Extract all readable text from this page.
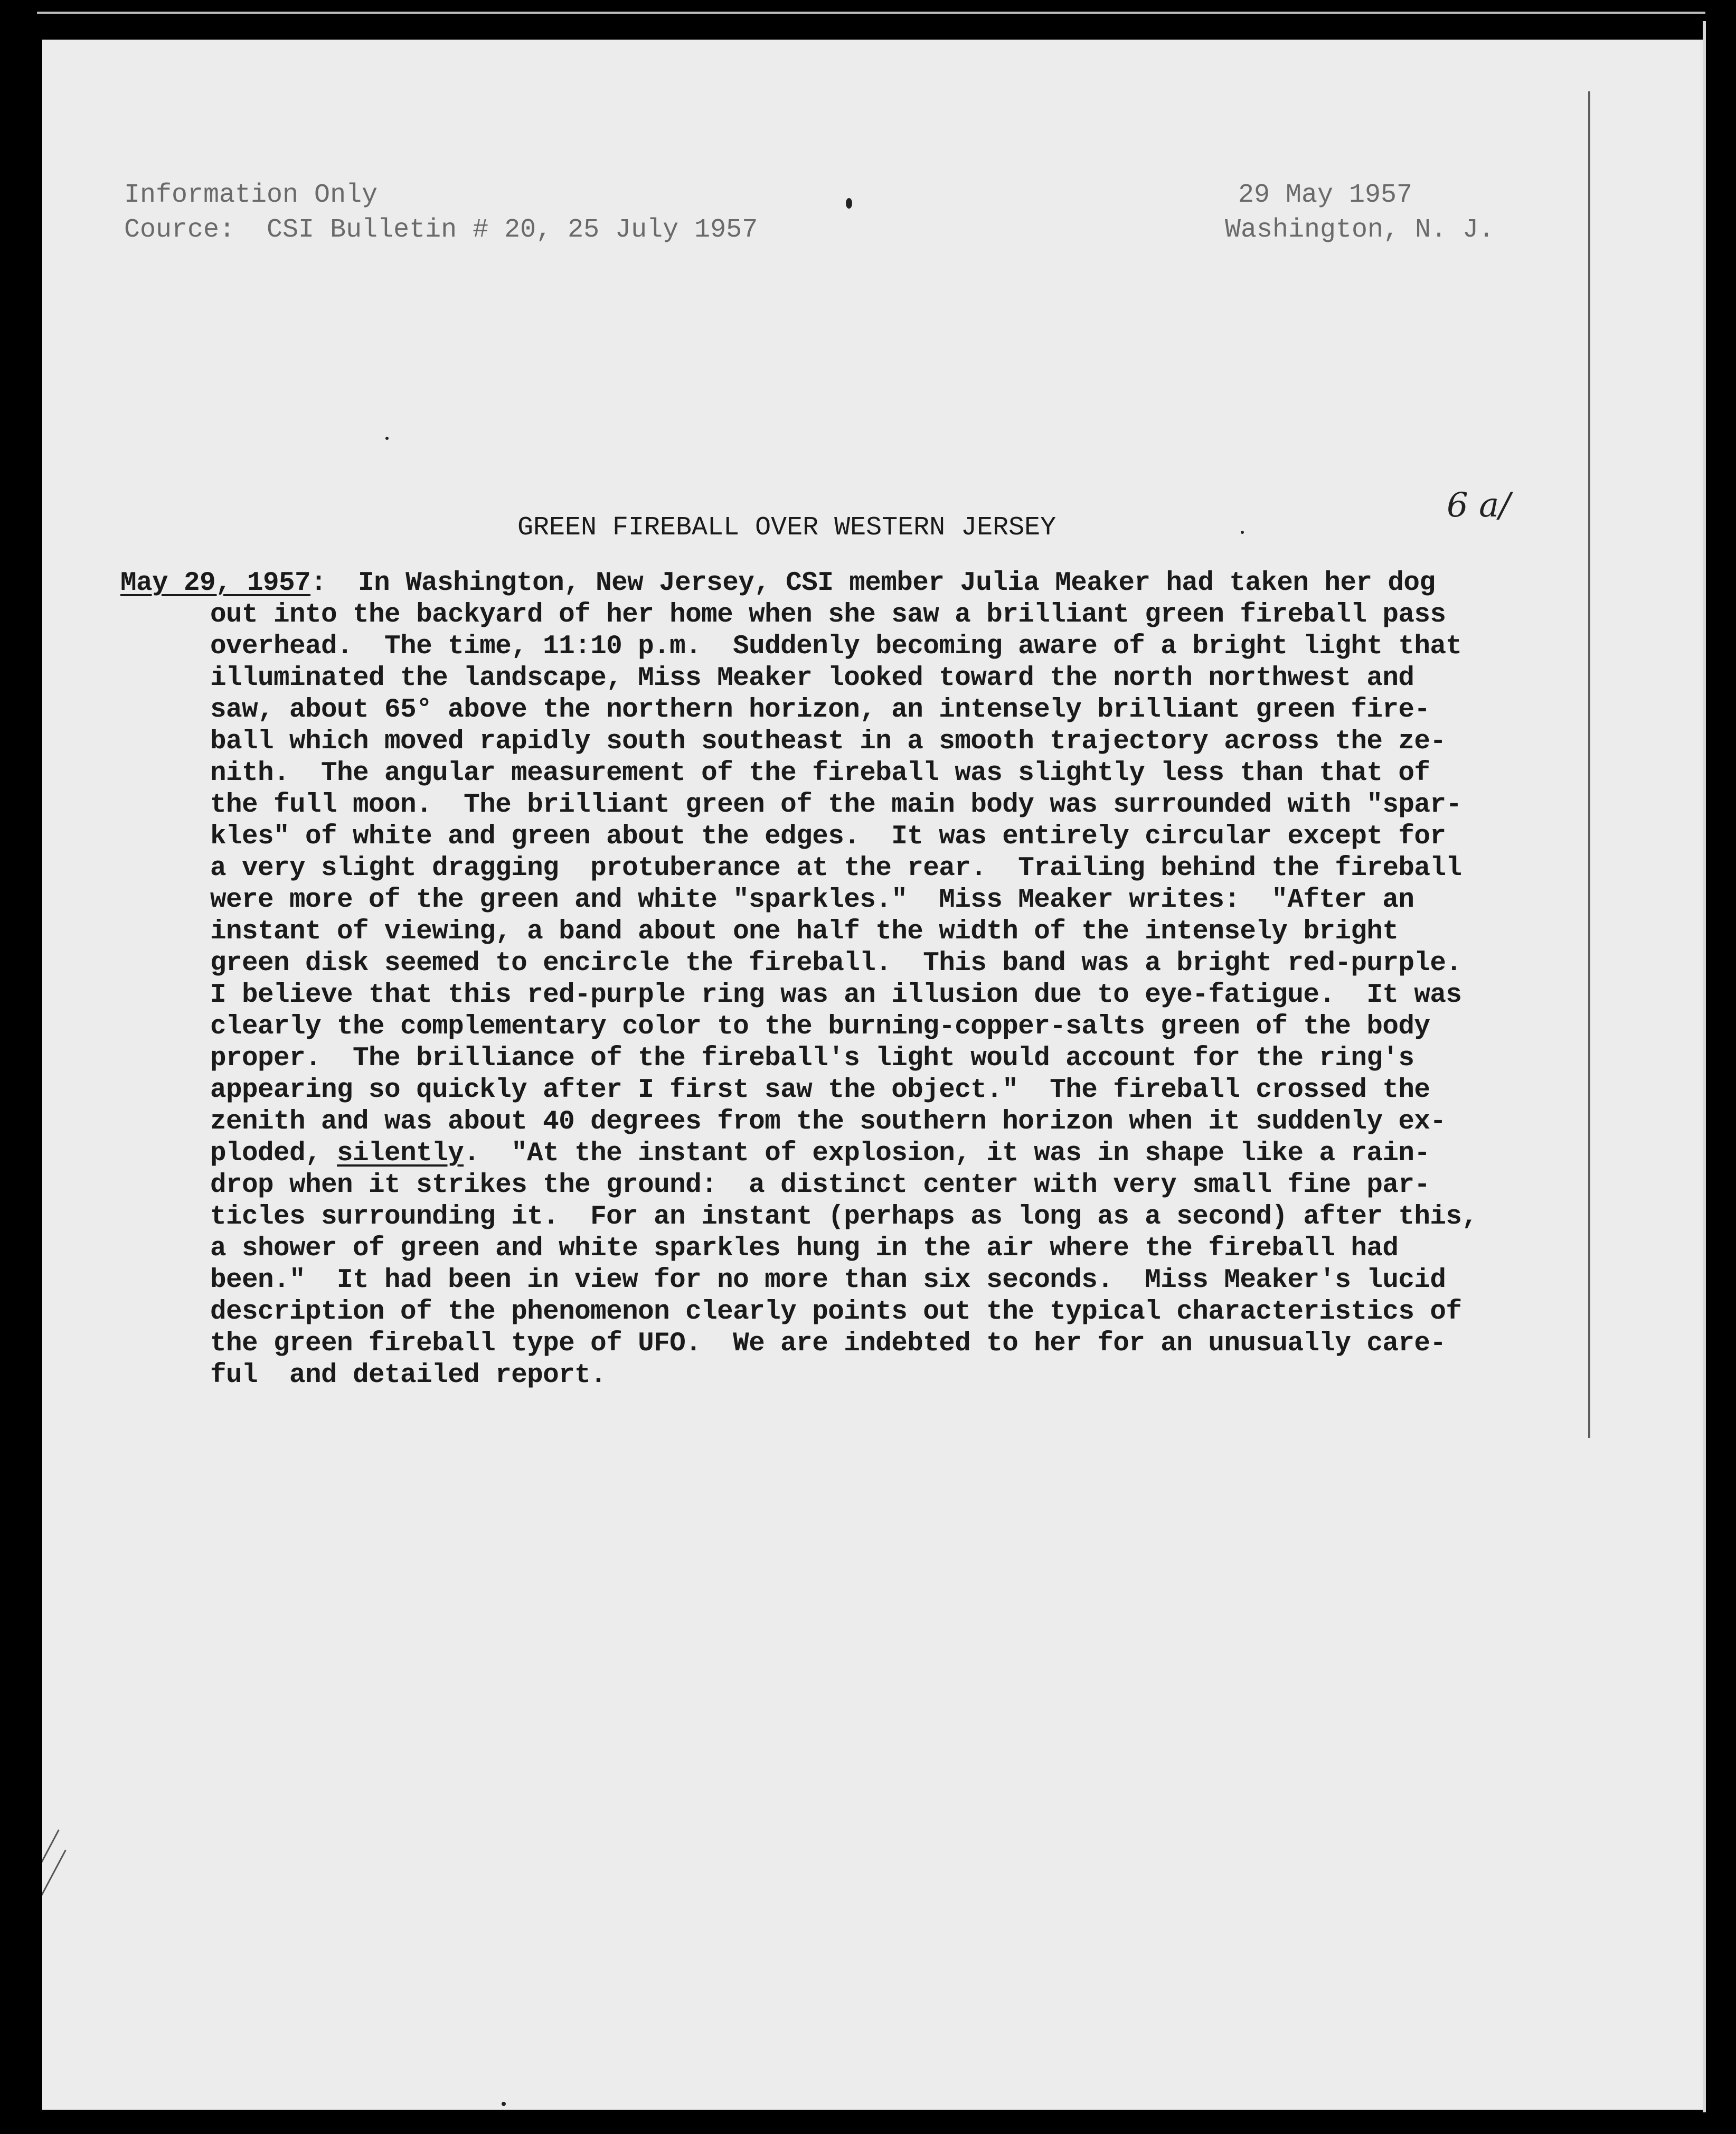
Information Only
Cource:  CSI Bulletin # 20, 25 July 1957
29 May 1957
Washington, N. J.
GREEN FIREBALL OVER WESTERN JERSEY
6 a/
May 29, 1957:  In Washington, New Jersey, CSI member Julia Meaker had taken her dog
out into the backyard of her home when she saw a brilliant green fireball pass
overhead.  The time, 11:10 p.m.  Suddenly becoming aware of a bright light that
illuminated the landscape, Miss Meaker looked toward the north northwest and
saw, about 65° above the northern horizon, an intensely brilliant green fire-
ball which moved rapidly south southeast in a smooth trajectory across the ze-
nith.  The angular measurement of the fireball was slightly less than that of
the full moon.  The brilliant green of the main body was surrounded with "spar-
kles" of white and green about the edges.  It was entirely circular except for
a very slight dragging  protuberance at the rear.  Trailing behind the fireball
were more of the green and white "sparkles."  Miss Meaker writes:  "After an
instant of viewing, a band about one half the width of the intensely bright
green disk seemed to encircle the fireball.  This band was a bright red-purple.
I believe that this red-purple ring was an illusion due to eye-fatigue.  It was
clearly the complementary color to the burning-copper-salts green of the body
proper.  The brilliance of the fireball's light would account for the ring's
appearing so quickly after I first saw the object."  The fireball crossed the
zenith and was about 40 degrees from the southern horizon when it suddenly ex-
ploded, silently.  "At the instant of explosion, it was in shape like a rain-
drop when it strikes the ground:  a distinct center with very small fine par-
ticles surrounding it.  For an instant (perhaps as long as a second) after this,
a shower of green and white sparkles hung in the air where the fireball had
been."  It had been in view for no more than six seconds.  Miss Meaker's lucid
description of the phenomenon clearly points out the typical characteristics of
the green fireball type of UFO.  We are indebted to her for an unusually care-
ful  and detailed report.
